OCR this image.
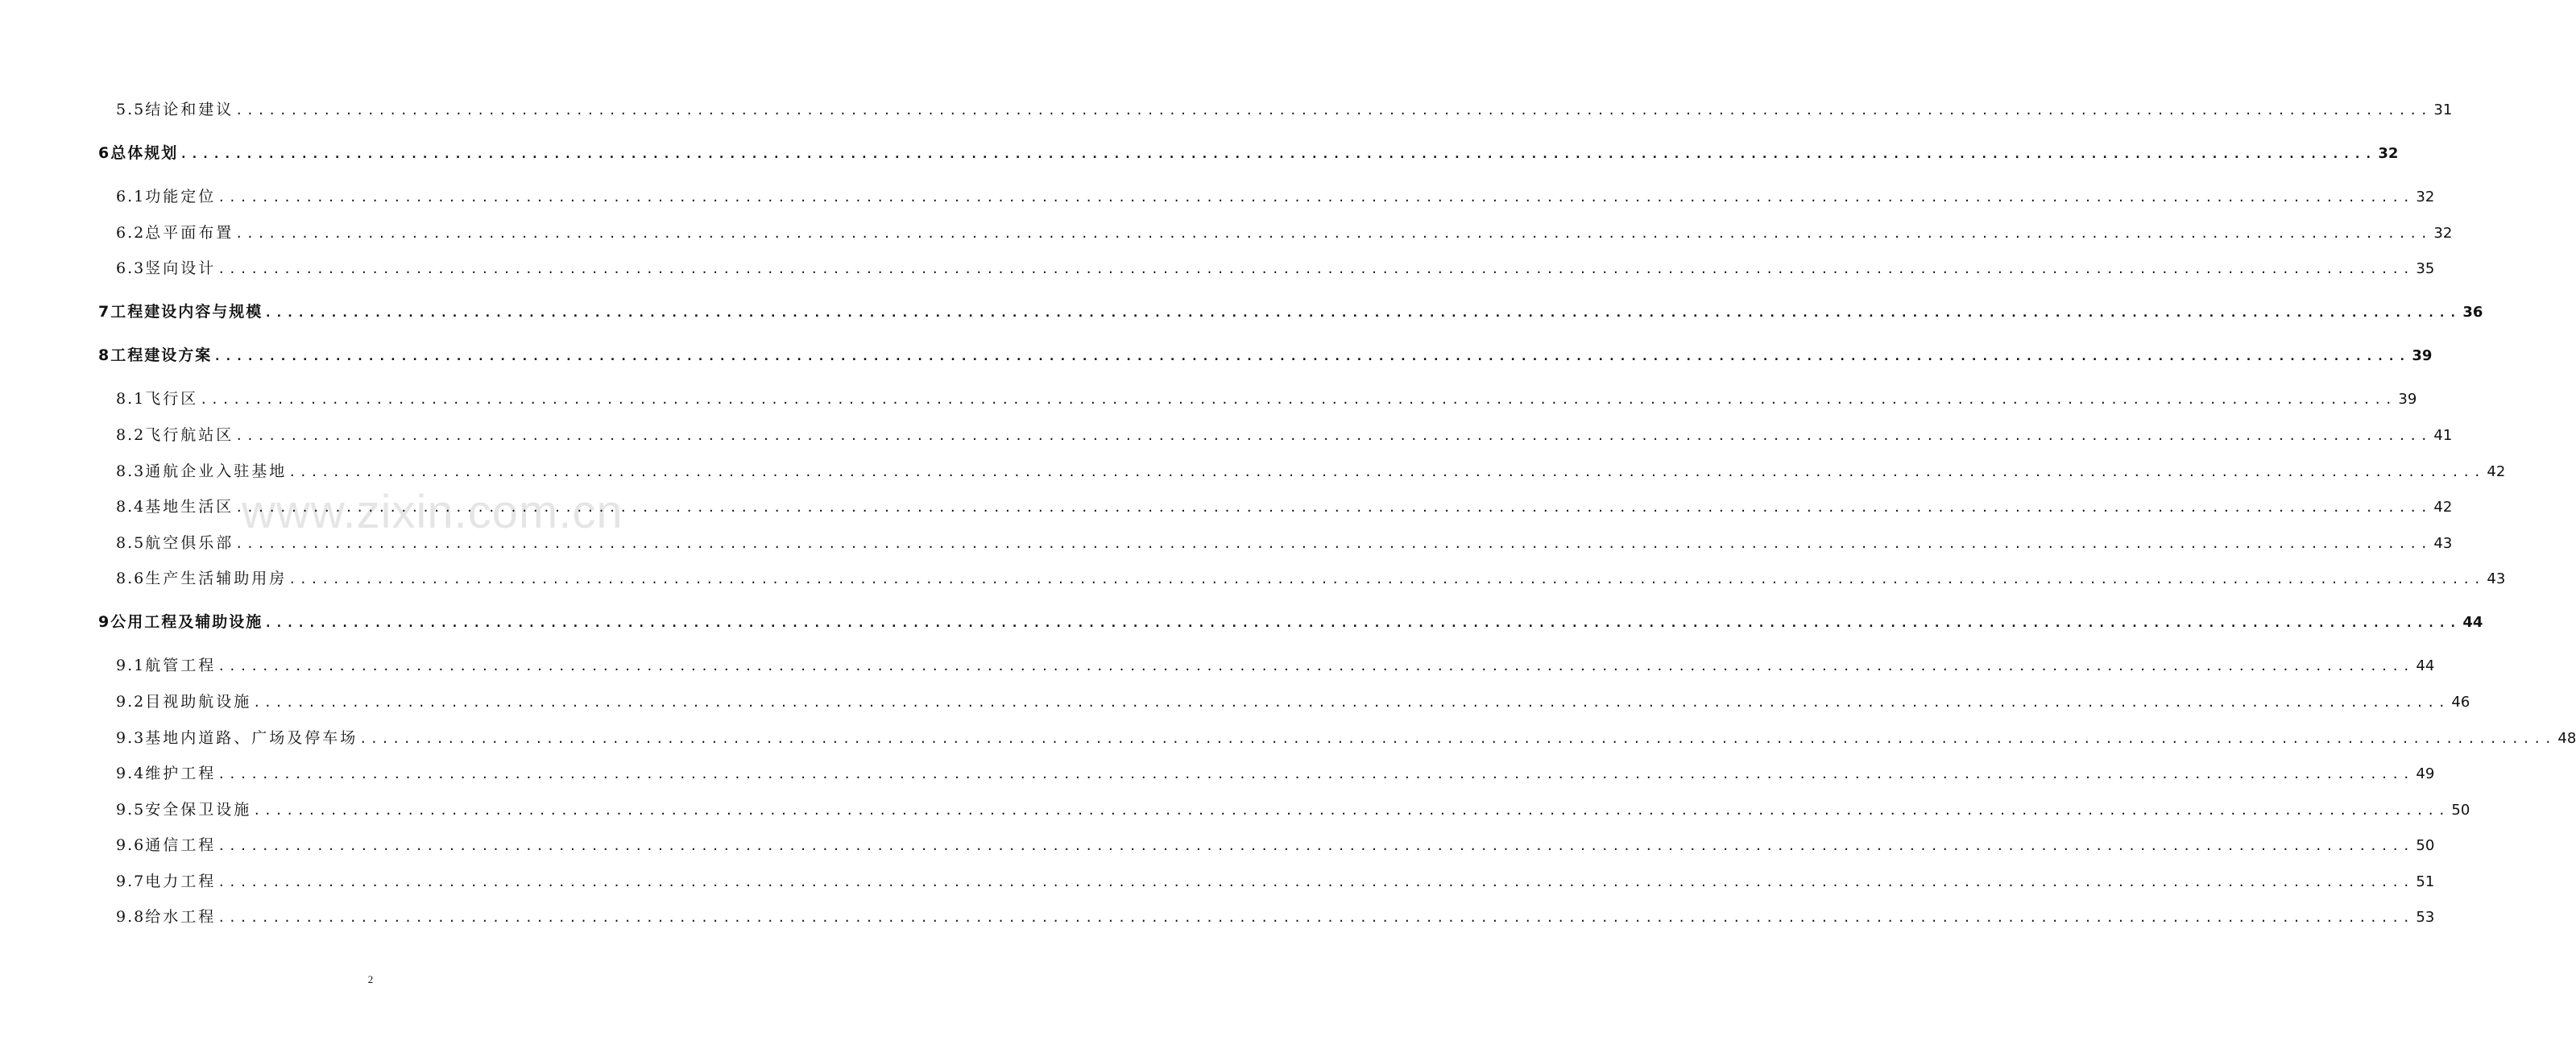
5.5 结论和建议 ........................................................................................................................................................................................................ 31
6 总体规划 ........................................................................................................................................................................................................ 32
6.1 功能定位 ........................................................................................................................................................................................................ 32
6.2 总平面布置 ........................................................................................................................................................................................................ 32
6.3 竖向设计 ........................................................................................................................................................................................................ 35
7 工程建设内容与规模 ........................................................................................................................................................................................................ 36
8 工程建设方案 ........................................................................................................................................................................................................ 39
8.1 飞行区 ........................................................................................................................................................................................................ 39
8.2 飞行航站区 ........................................................................................................................................................................................................ 41
8.3 通航企业入驻基地 ........................................................................................................................................................................................................ 42
8.4 基地生活区 ........................................................................................................................................................................................................ 42
8.5 航空俱乐部 ........................................................................................................................................................................................................ 43
8.6 生产生活辅助用房 ........................................................................................................................................................................................................ 43
9 公用工程及辅助设施 ........................................................................................................................................................................................................ 44
9.1 航管工程 ........................................................................................................................................................................................................ 44
9.2 目视助航设施 ........................................................................................................................................................................................................ 46
9.3 基地内道路、广场及停车场 ........................................................................................................................................................................................................ 48
9.4 维护工程 ........................................................................................................................................................................................................ 49
9.5 安全保卫设施 ........................................................................................................................................................................................................ 50
9.6 通信工程 ........................................................................................................................................................................................................ 50
9.7 电力工程 ........................................................................................................................................................................................................ 51
9.8 给水工程 ........................................................................................................................................................................................................ 53
www.zixin.com.cn
2
